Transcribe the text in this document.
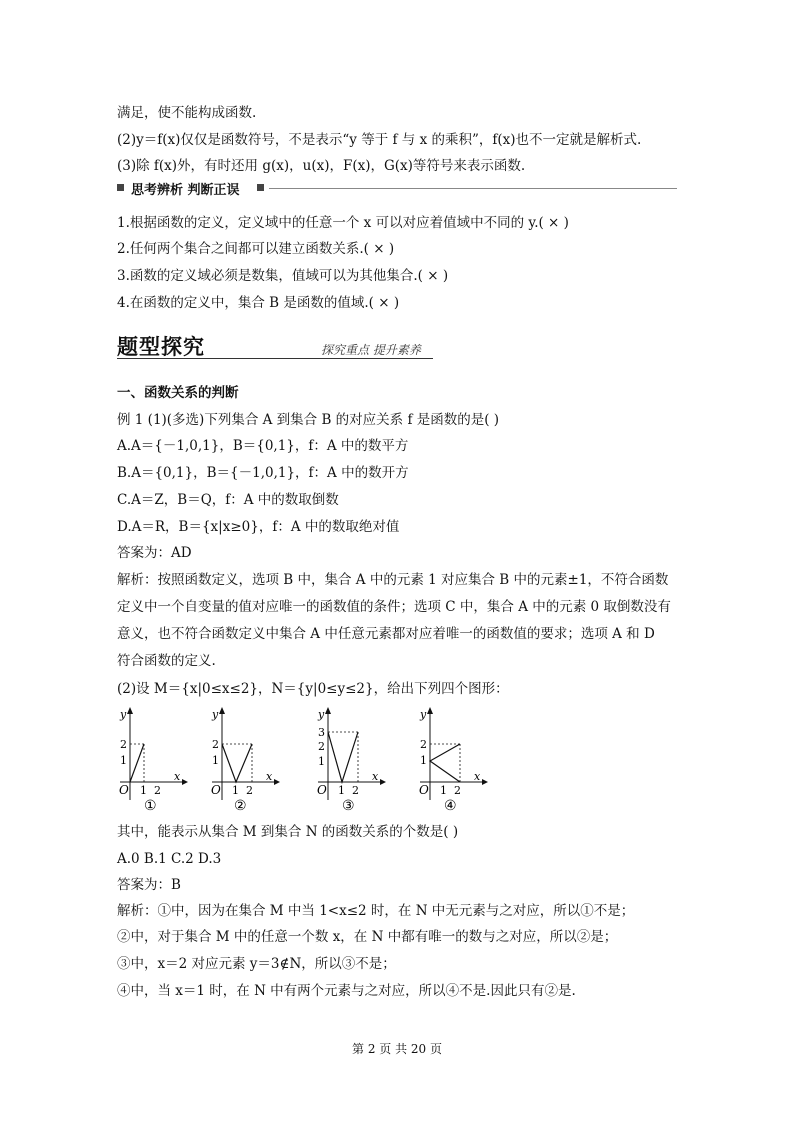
满足，使不能构成函数.
(2)y＝f(x)仅仅是函数符号，不是表示“y 等于 f 与 x 的乘积”，f(x)也不一定就是解析式.
(3)除 f(x)外，有时还用 g(x)，u(x)，F(x)，G(x)等符号来表示函数.
思考辨析 判断正误
1.根据函数的定义，定义域中的任意一个 x 可以对应着值域中不同的 y.( × )
2.任何两个集合之间都可以建立函数关系.( × )
3.函数的定义域必须是数集，值域可以为其他集合.( × )
4.在函数的定义中，集合 B 是函数的值域.( × )
题型探究	探究重点 提升素养
一、函数关系的判断
例 1 (1)(多选)下列集合 A 到集合 B 的对应关系 f 是函数的是( )
A.A＝{－1,0,1}，B＝{0,1}，f：A 中的数平方
B.A＝{0,1}，B＝{－1,0,1}，f：A 中的数开方
C.A＝Z，B＝Q，f：A 中的数取倒数
D.A＝R，B＝{x|x≥0}，f：A 中的数取绝对值
答案为：AD
解析：按照函数定义，选项 B 中，集合 A 中的元素 1 对应集合 B 中的元素±1，不符合函数
定义中一个自变量的值对应唯一的函数值的条件；选项 C 中，集合 A 中的元素 0 取倒数没有
意义，也不符合函数定义中集合 A 中任意元素都对应着唯一的函数值的要求；选项 A 和 D
符合函数的定义.
(2)设 M＝{x|0≤x≤2}，N＝{y|0≤y≤2}，给出下列四个图形：
y
x
O
2
1
1 2
①
y
x
O
2
1
1 2
②
y
x
O
3
2
1
1 2
③
y
x
O
2
1
1 2
④
其中，能表示从集合 M 到集合 N 的函数关系的个数是( )
A.0 B.1 C.2 D.3
答案为：B
解析：①中，因为在集合 M 中当 1<x≤2 时，在 N 中无元素与之对应，所以①不是；
②中，对于集合 M 中的任意一个数 x，在 N 中都有唯一的数与之对应，所以②是；
③中，x＝2 对应元素 y＝3∉N，所以③不是；
④中，当 x＝1 时，在 N 中有两个元素与之对应，所以④不是.因此只有②是.
第 2 页 共 20 页
